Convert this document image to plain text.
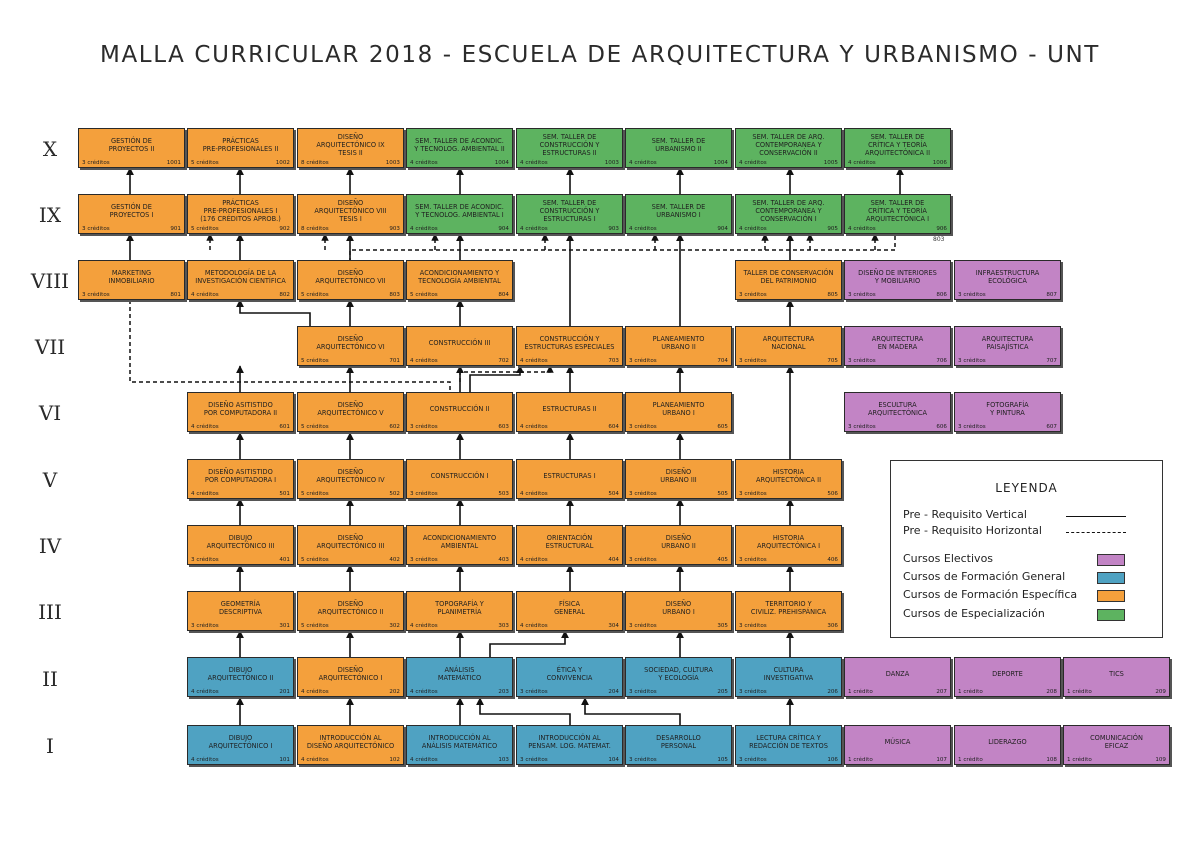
MALLA CURRICULAR 2018 - ESCUELA DE ARQUITECTURA Y URBANISMO - UNT
X
IX
VIII
VII
VI
V
IV
III
II
I
GESTIÓN DE
PROYECTOS II
3 créditos	1001
PRÁCTICAS
PRE-PROFESIONALES II
5 créditos	1002
DISEÑO
ARQUITECTÓNICO IX
TESIS II
8 créditos	1003
SEM. TALLER DE ACONDIC.
Y TECNOLOG. AMBIENTAL II
4 créditos	1004
SEM. TALLER DE
CONSTRUCCIÓN Y
ESTRUCTURAS II
4 créditos	1003
SEM. TALLER DE
URBANISMO II
4 créditos	1004
SEM. TALLER DE ARQ.
CONTEMPORANEA Y
CONSERVACIÓN II
4 créditos	1005
SEM. TALLER DE
CRÍTICA Y TEORÍA
ARQUITECTÓNICA II
4 créditos	1006
GESTIÓN DE
PROYECTOS I
3 créditos	901
PRÁCTICAS
PRE-PROFESIONALES I
(176 CRÉDITOS APROB.)
5 créditos	902
DISEÑO
ARQUITECTÓNICO VIII
TESIS I
8 créditos	903
SEM. TALLER DE ACONDIC.
Y TECNOLOG. AMBIENTAL I
4 créditos	904
SEM. TALLER DE
CONSTRUCCIÓN Y
ESTRUCTURAS I
4 créditos	903
SEM. TALLER DE
URBANISMO I
4 créditos	904
SEM. TALLER DE ARQ.
CONTEMPORANEA Y
CONSERVACIÓN I
4 créditos	905
SEM. TALLER DE
CRÍTICA Y TEORÍA
ARQUITECTÓNICA I
4 créditos	906
803
MARKETING
INMOBILIARIO
3 créditos	801
METODOLOGÍA DE LA
INVESTIGACIÓN CIENTÍFICA
4 créditos	802
DISEÑO
ARQUITECTÓNICO VII
5 créditos	803
ACONDICIONAMIENTO Y
TECNOLOGÍA AMBIENTAL
5 créditos	804
TALLER DE CONSERVACIÓN
DEL PATRIMONIO
3 créditos	805
DISEÑO DE INTERIORES
Y MOBILIARIO
3 créditos	806
INFRAESTRUCTURA
ECOLÓGICA
3 créditos	807
DISEÑO
ARQUITECTÓNICO VI
5 créditos	701
CONSTRUCCIÓN III
4 créditos	702
CONSTRUCCIÓN Y
ESTRUCTURAS ESPECIALES
4 créditos	703
PLANEAMIENTO
URBANO II
3 créditos	704
ARQUITECTURA
NACIONAL
3 créditos	705
ARQUITECTURA
EN MADERA
3 créditos	706
ARQUITECTURA
PAISAJÍSTICA
3 créditos	707
DISEÑO ASITISTIDO
POR COMPUTADORA II
4 créditos	601
DISEÑO
ARQUITECTÓNICO V
5 créditos	602
CONSTRUCCIÓN II
3 créditos	603
ESTRUCTURAS II
4 créditos	604
PLANEAMIENTO
URBANO I
3 créditos	605
ESCULTURA
ARQUITECTÓNICA
3 créditos	606
FOTOGRAFÍA
Y PINTURA
3 créditos	607
DISEÑO ASITISTIDO
POR COMPUTADORA I
4 créditos	501
DISEÑO
ARQUITECTÓNICO IV
5 créditos	502
CONSTRUCCIÓN I
3 créditos	503
ESTRUCTURAS I
4 créditos	504
DISEÑO
URBANO III
3 créditos	505
HISTORIA
ARQUITECTÓNICA II
3 créditos	506
DIBUJO
ARQUITECTÓNICO III
3 créditos	401
DISEÑO
ARQUITECTÓNICO III
5 créditos	402
ACONDICIONAMIENTO
AMBIENTAL
3 créditos	403
ORIENTACIÓN
ESTRUCTURAL
4 créditos	404
DISEÑO
URBANO II
3 créditos	405
HISTORIA
ARQUITECTÓNICA I
3 créditos	406
GEOMETRÍA
DESCRIPTIVA
3 créditos	301
DISEÑO
ARQUITECTÓNICO II
5 créditos	302
TOPOGRAFÍA Y
PLANIMETRÍA
4 créditos	303
FÍSICA
GENERAL
4 créditos	304
DISEÑO
URBANO I
3 créditos	305
TERRITORIO Y
CIVILIZ. PREHISPÁNICA
3 créditos	306
DIBUJO
ARQUITECTÓNICO II
4 créditos	201
DISEÑO
ARQUITECTÓNICO I
4 créditos	202
ANÁLISIS
MATEMÁTICO
4 créditos	203
ÉTICA Y
CONVIVENCIA
3 créditos	204
SOCIEDAD, CULTURA
Y ECOLOGÍA
3 créditos	205
CULTURA
INVESTIGATIVA
3 créditos	206
DANZA
1 crédito	207
DEPORTE
1 crédito	208
TICS
1 crédito	209
DIBUJO
ARQUITECTÓNICO I
4 créditos	101
INTRODUCCIÓN AL
DISEÑO ARQUITECTÓNICO
4 créditos	102
INTRODUCCIÓN AL
ANÁLISIS MATEMÁTICO
4 créditos	103
INTRODUCCIÓN AL
PENSAM. LOG. MATEMAT.
3 créditos	104
DESARROLLO
PERSONAL
3 créditos	105
LECTURA CRÍTICA Y
REDACCIÓN DE TEXTOS
3 créditos	106
MÚSICA
1 crédito	107
LIDERAZGO
1 crédito	108
COMUNICACIÓN
EFICAZ
1 crédito	109
LEYENDA
Pre - Requisito Vertical
Pre - Requisito Horizontal
Cursos Electivos
Cursos de Formación General
Cursos de Formación Específica
Cursos de Especialización
